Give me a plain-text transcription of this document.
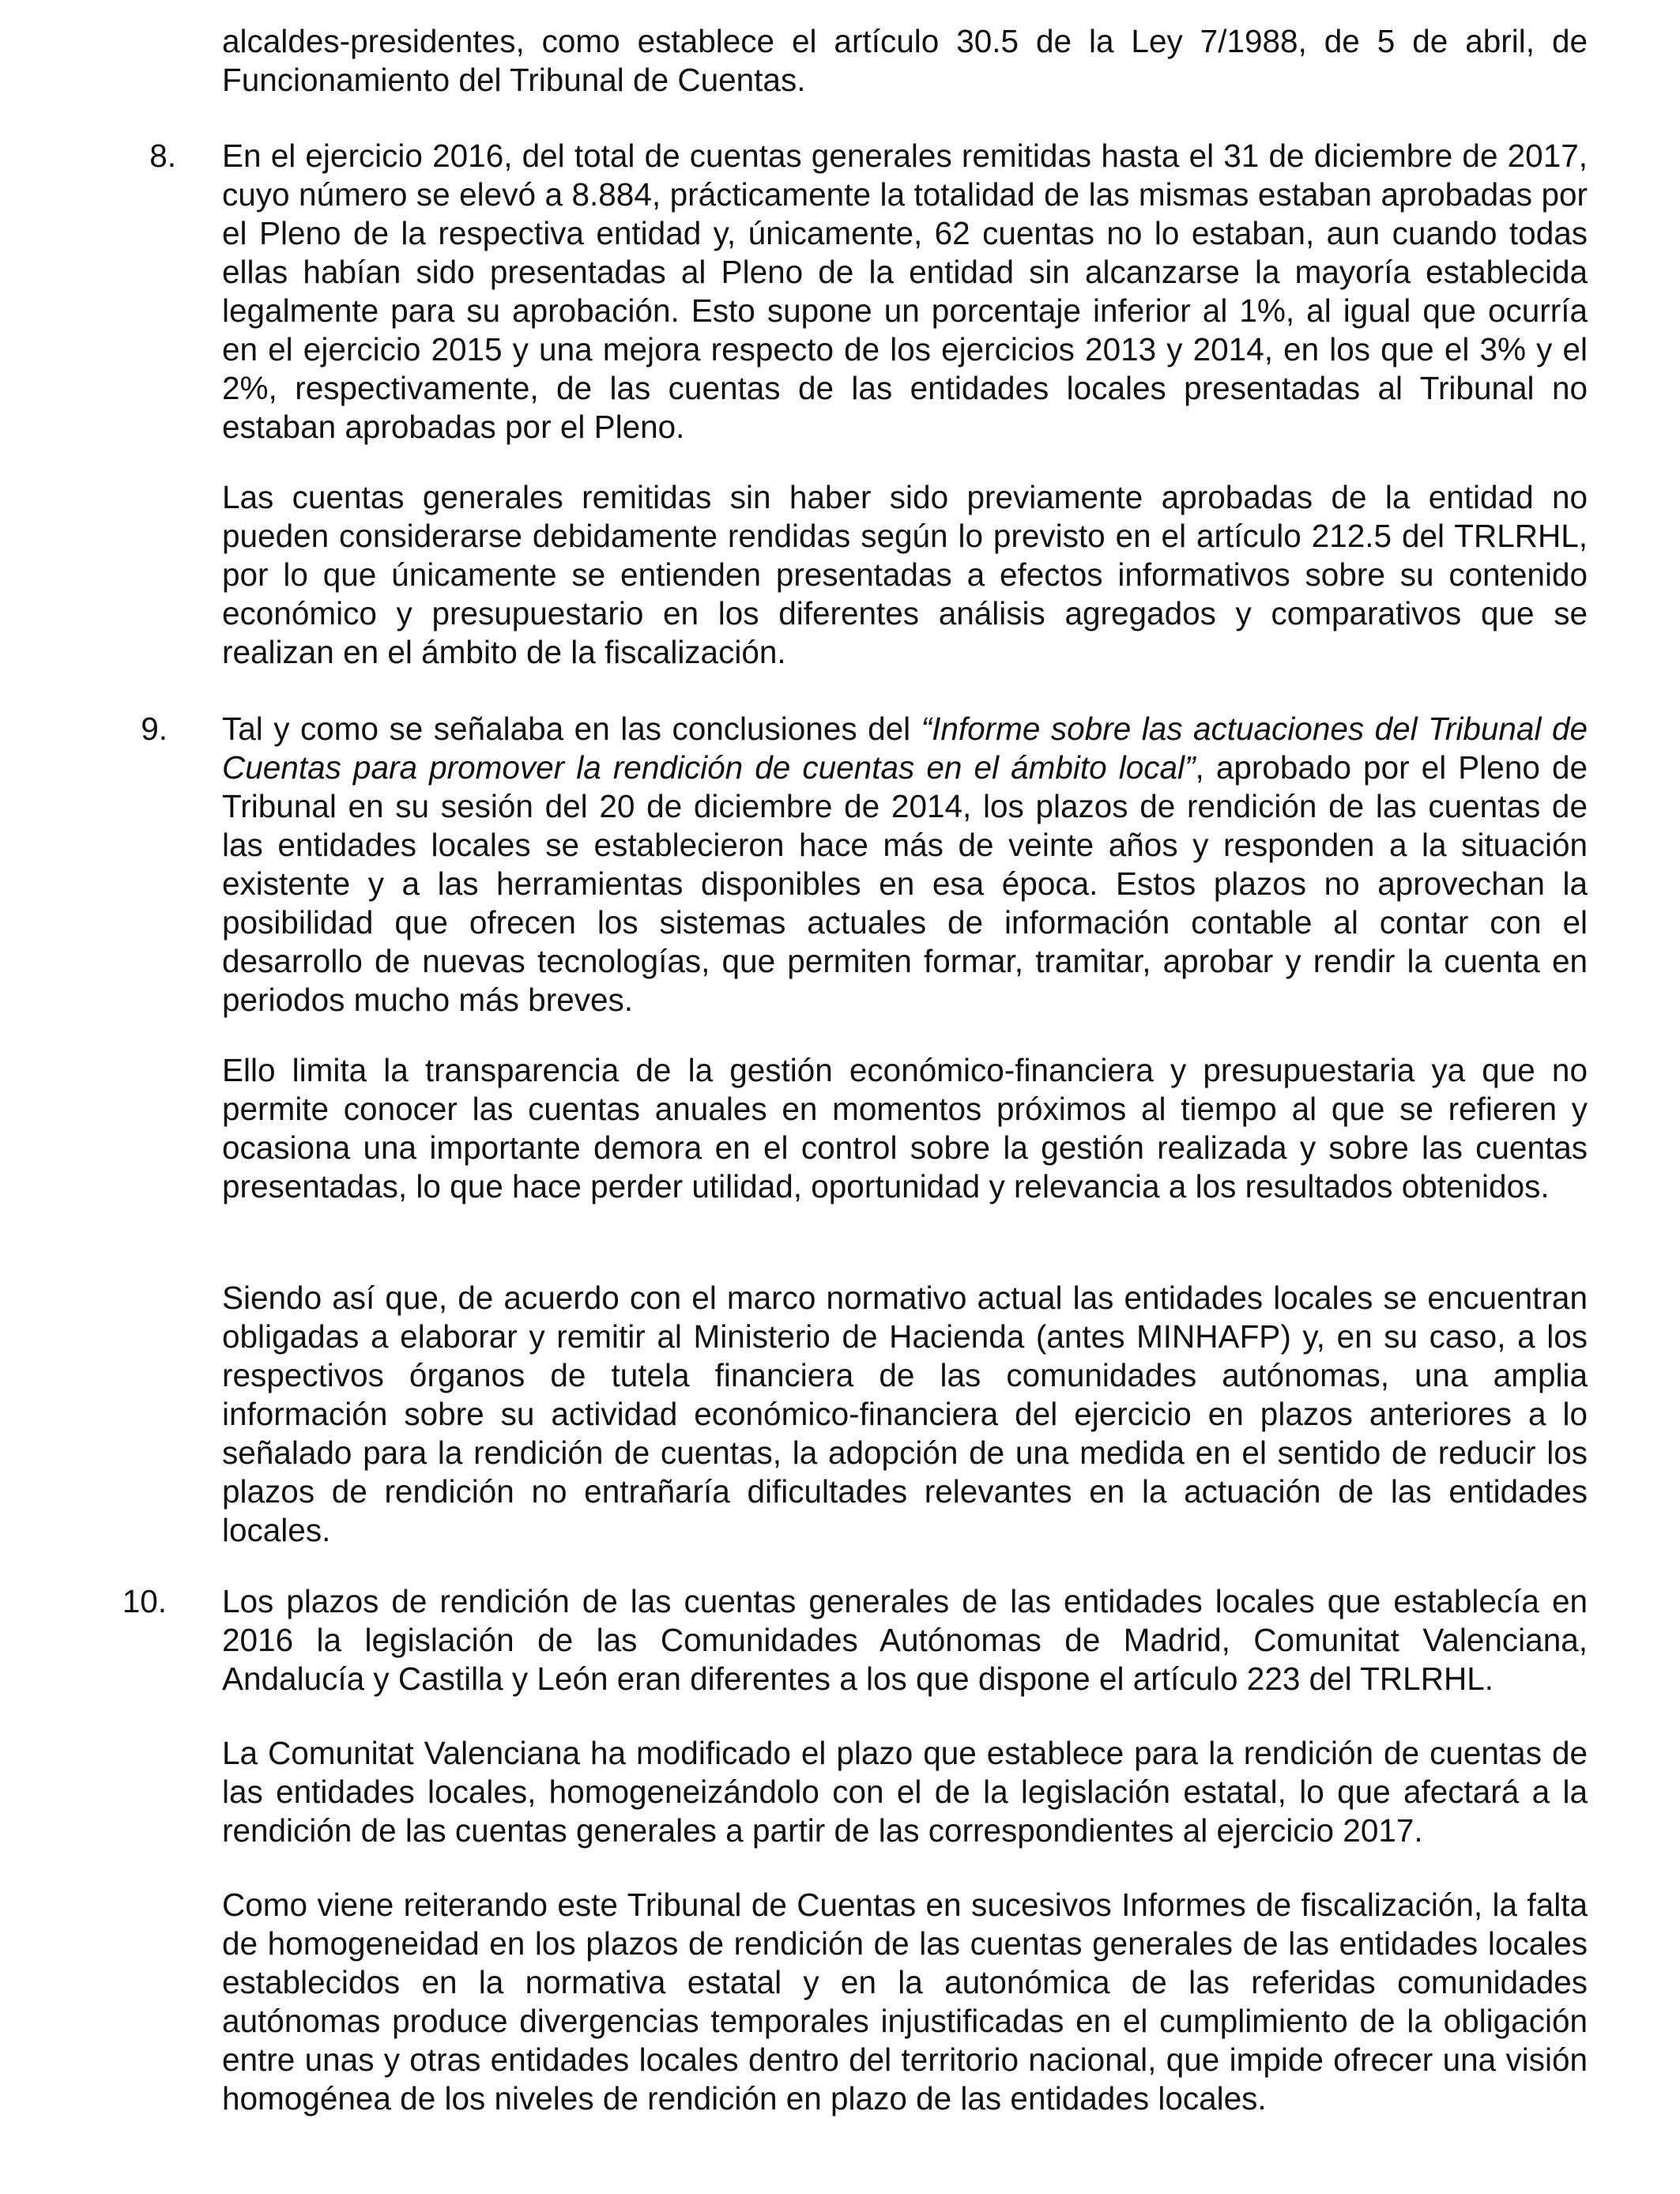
alcaldes-presidentes, como establece el artículo 30.5 de la Ley 7/1988, de 5 de abril, de Funcionamiento del Tribunal de Cuentas.

8. En el ejercicio 2016, del total de cuentas generales remitidas hasta el 31 de diciembre de 2017, cuyo número se elevó a 8.884, prácticamente la totalidad de las mismas estaban aprobadas por el Pleno de la respectiva entidad y, únicamente, 62 cuentas no lo estaban, aun cuando todas ellas habían sido presentadas al Pleno de la entidad sin alcanzarse la mayoría establecida legalmente para su aprobación. Esto supone un porcentaje inferior al 1%, al igual que ocurría en el ejercicio 2015 y una mejora respecto de los ejercicios 2013 y 2014, en los que el 3% y el 2%, respectivamente, de las cuentas de las entidades locales presentadas al Tribunal no estaban aprobadas por el Pleno.

Las cuentas generales remitidas sin haber sido previamente aprobadas de la entidad no pueden considerarse debidamente rendidas según lo previsto en el artículo 212.5 del TRLRHL, por lo que únicamente se entienden presentadas a efectos informativos sobre su contenido económico y presupuestario en los diferentes análisis agregados y comparativos que se realizan en el ámbito de la fiscalización.

9. Tal y como se señalaba en las conclusiones del “Informe sobre las actuaciones del Tribunal de Cuentas para promover la rendición de cuentas en el ámbito local”, aprobado por el Pleno de Tribunal en su sesión del 20 de diciembre de 2014, los plazos de rendición de las cuentas de las entidades locales se establecieron hace más de veinte años y responden a la situación existente y a las herramientas disponibles en esa época. Estos plazos no aprovechan la posibilidad que ofrecen los sistemas actuales de información contable al contar con el desarrollo de nuevas tecnologías, que permiten formar, tramitar, aprobar y rendir la cuenta en periodos mucho más breves.

Ello limita la transparencia de la gestión económico-financiera y presupuestaria ya que no permite conocer las cuentas anuales en momentos próximos al tiempo al que se refieren y ocasiona una importante demora en el control sobre la gestión realizada y sobre las cuentas presentadas, lo que hace perder utilidad, oportunidad y relevancia a los resultados obtenidos.

Siendo así que, de acuerdo con el marco normativo actual las entidades locales se encuentran obligadas a elaborar y remitir al Ministerio de Hacienda (antes MINHAFP) y, en su caso, a los respectivos órganos de tutela financiera de las comunidades autónomas, una amplia información sobre su actividad económico-financiera del ejercicio en plazos anteriores a lo señalado para la rendición de cuentas, la adopción de una medida en el sentido de reducir los plazos de rendición no entrañaría dificultades relevantes en la actuación de las entidades locales.

10. Los plazos de rendición de las cuentas generales de las entidades locales que establecía en 2016 la legislación de las Comunidades Autónomas de Madrid, Comunitat Valenciana, Andalucía y Castilla y León eran diferentes a los que dispone el artículo 223 del TRLRHL.

La Comunitat Valenciana ha modificado el plazo que establece para la rendición de cuentas de las entidades locales, homogeneizándolo con el de la legislación estatal, lo que afectará a la rendición de las cuentas generales a partir de las correspondientes al ejercicio 2017.

Como viene reiterando este Tribunal de Cuentas en sucesivos Informes de fiscalización, la falta de homogeneidad en los plazos de rendición de las cuentas generales de las entidades locales establecidos en la normativa estatal y en la autonómica de las referidas comunidades autónomas produce divergencias temporales injustificadas en el cumplimiento de la obligación entre unas y otras entidades locales dentro del territorio nacional, que impide ofrecer una visión homogénea de los niveles de rendición en plazo de las entidades locales.
